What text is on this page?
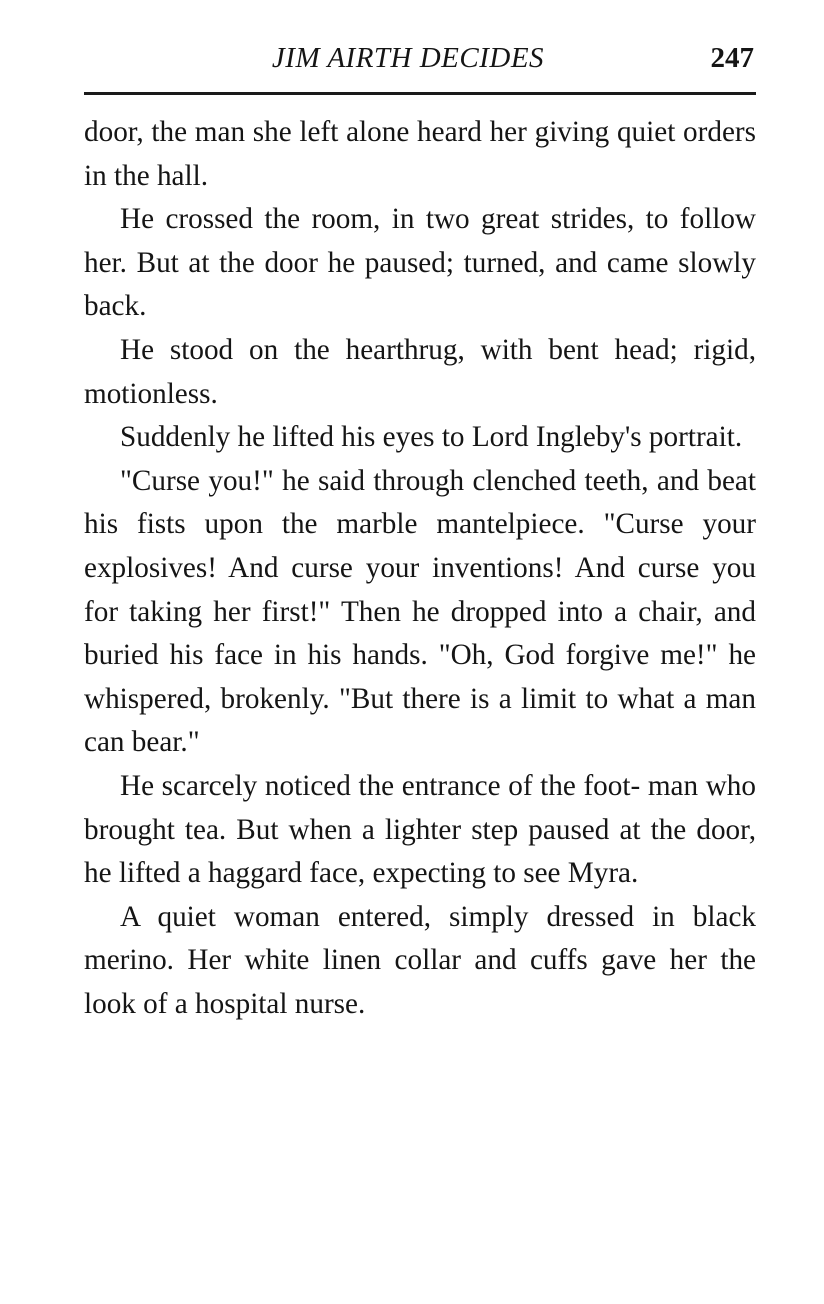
JIM AIRTH DECIDES	247

door, the man she left alone heard her giving quiet orders in the hall.

He crossed the room, in two great strides, to follow her. But at the door he paused; turned, and came slowly back.

He stood on the hearthrug, with bent head; rigid, motionless.

Suddenly he lifted his eyes to Lord Ingleby's portrait.

"Curse you!" he said through clenched teeth, and beat his fists upon the marble mantelpiece. "Curse your explosives! And curse your inventions! And curse you for taking her first!" Then he dropped into a chair, and buried his face in his hands. "Oh, God forgive me!" he whispered, brokenly. "But there is a limit to what a man can bear."

He scarcely noticed the entrance of the foot- man who brought tea. But when a lighter step paused at the door, he lifted a haggard face, expecting to see Myra.

A quiet woman entered, simply dressed in black merino. Her white linen collar and cuffs gave her the look of a hospital nurse.
